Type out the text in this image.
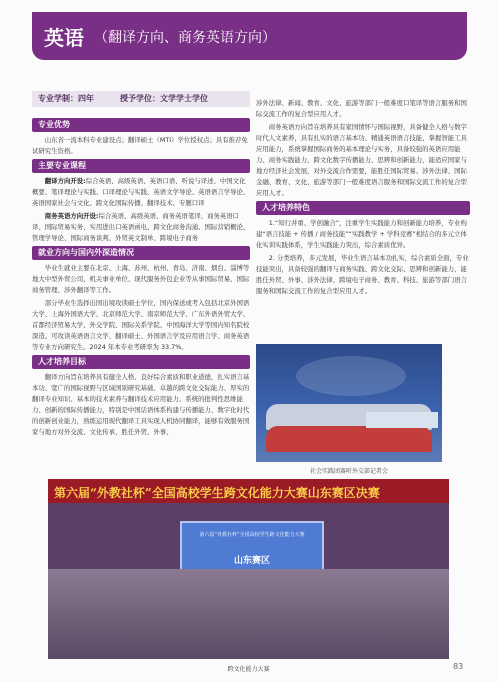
英语 （翻译方向、商务英语方向）
专业学制：四年	授予学位：文学学士学位
专业优势

山东省一流本科专业建设点；翻译硕士（MTI）学位授权点；具有推荐免试研究生资格。

主要专业课程

翻译方向开设:综合英语、高级英语、英语口语、听说与译述、中国文化概要、笔译理论与实践、口译理论与实践、英语文学导论、英语语言学导论、英语国家社会与文化、跨文化国际传播、翻译技术、专题口译

商务英语方向开设:综合英语、高级英语、商务英语笔译、商务英语口译、国际贸易实务、实用进出口英语函电、跨文化商务沟通、国际营销概论、管理学导论、国际商务谈判、外贸英文制单、跨境电子商务

就业方向与国内外深造情况

毕业生就业主要在北京、上海、苏州、杭州、青岛、济南、烟台、淄博等地大中型外贸公司、机关事业单位、现代服务外包企业等从事国际贸易、国际商务管理、涉外翻译等工作。

部分毕业生选择出国出境攻读硕士学位，国内保送或考入包括北京外国语大学、上海外国语大学、北京师范大学、南京师范大学、广东外语外贸大学、首都经济贸易大学、外交学院、国际关系学院、中国海洋大学等国内知名院校深造。可攻读英语语言文学、翻译硕士、外国语言学及应用语言学、商务英语等专业方向研究生。2024 年本专业考研率为 33.7%。

人才培养目标

翻译方向旨在培养具有健全人格、良好综合素质和职业道德，扎实语言基本功、宽广的国际视野与区域国别研究基础、卓越的跨文化交际能力、厚实的翻译专业知识、基本的技术素养与翻译技术应用能力、系统的批判性思维能力、创新的国际传播能力，特别是中国话语体系构建与传播能力、数字化时代的创新创业能力，熟练运用现代翻译工具实现人机协同翻译，能够有效服务国家与地方对外交流、文化传承，胜任外贸、外事、

涉外法律、新闻、教育、文化、旅游等部门一般难度口笔译等语言服务和国际交流工作的复合型应用人才。

商务英语方向旨在培养具有家国情怀与国际视野，具备健全人格与数字时代人文素养，具有扎实的语言基本功、精通英语语言技能、掌握智能工具应用能力，系统掌握国际商务的基本理论与实务，具备较强的英语应用能力、商务实践能力、跨文化数字传播能力、思辨和创新能力，能适应国家与地方经济社会发展，对外交流合作需要，能胜任国际贸易、涉外法律、国际金融、教育、文化、旅游等部门一般难度语言服务和国际交流工作的复合型应用人才。

人才培养特色

1.“知行并重、学创融合”，注重学生实践能力和创新能力培养，专业构建“语言技能 + 传播 / 商务技能”“实践教学 + 学科竞赛”相结合的多元立体化实训实践体系，学生实践能力突出，综合素质优异。

2. 分类培养，多元发展，毕业生语言基本功扎实，综合素质全面，专业技能突出，具备较强的翻译与商务实践、跨文化交际、思辨和创新能力，能胜任外贸、外事、涉外法律、跨境电子商务、教育、科技、旅游等部门语言服务和国际交流工作的复合型应用人才。

社会实践团赛听外交部记者会
第六届“外教社杯”全国高校学生跨文化能力大赛山东赛区决赛
第六届“外教社杯”全国高校学生跨文化能力大赛
山东赛区
跨文化能力大赛	83
